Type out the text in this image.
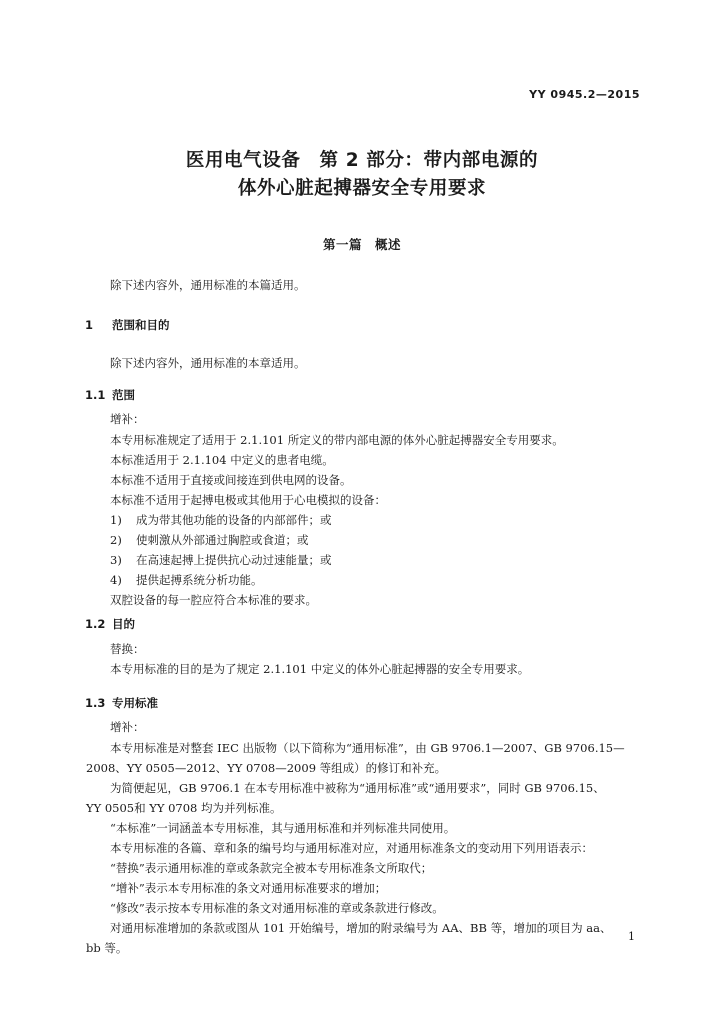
YY 0945.2—2015
医用电气设备　第 2 部分：带内部电源的
体外心脏起搏器安全专用要求
第一篇　概述
除下述内容外，通用标准的本篇适用。
1 范围和目的
除下述内容外，通用标准的本章适用。
1.1 范围
增补：
本专用标准规定了适用于 2.1.101 所定义的带内部电源的体外心脏起搏器安全专用要求。
本标准适用于 2.1.104 中定义的患者电缆。
本标准不适用于直接或间接连到供电网的设备。
本标准不适用于起搏电极或其他用于心电模拟的设备：
1) 成为带其他功能的设备的内部部件；或
2) 使刺激从外部通过胸腔或食道；或
3) 在高速起搏上提供抗心动过速能量；或
4) 提供起搏系统分析功能。
双腔设备的每一腔应符合本标准的要求。
1.2 目的
替换：
本专用标准的目的是为了规定 2.1.101 中定义的体外心脏起搏器的安全专用要求。
1.3 专用标准
增补：
本专用标准是对整套 IEC 出版物（以下简称为“通用标准”，由 GB 9706.1—2007、GB 9706.15—
2008、YY 0505—2012、YY 0708—2009 等组成）的修订和补充。
为简便起见，GB 9706.1 在本专用标准中被称为“通用标准”或“通用要求”，同时 GB 9706.15、
YY 0505和 YY 0708 均为并列标准。
“本标准”一词涵盖本专用标准，其与通用标准和并列标准共同使用。
本专用标准的各篇、章和条的编号均与通用标准对应，对通用标准条文的变动用下列用语表示：
“替换”表示通用标准的章或条款完全被本专用标准条文所取代；
“增补”表示本专用标准的条文对通用标准要求的增加；
“修改”表示按本专用标准的条文对通用标准的章或条款进行修改。
对通用标准增加的条款或图从 101 开始编号，增加的附录编号为 AA、BB 等，增加的项目为 aa、
bb 等。
1
